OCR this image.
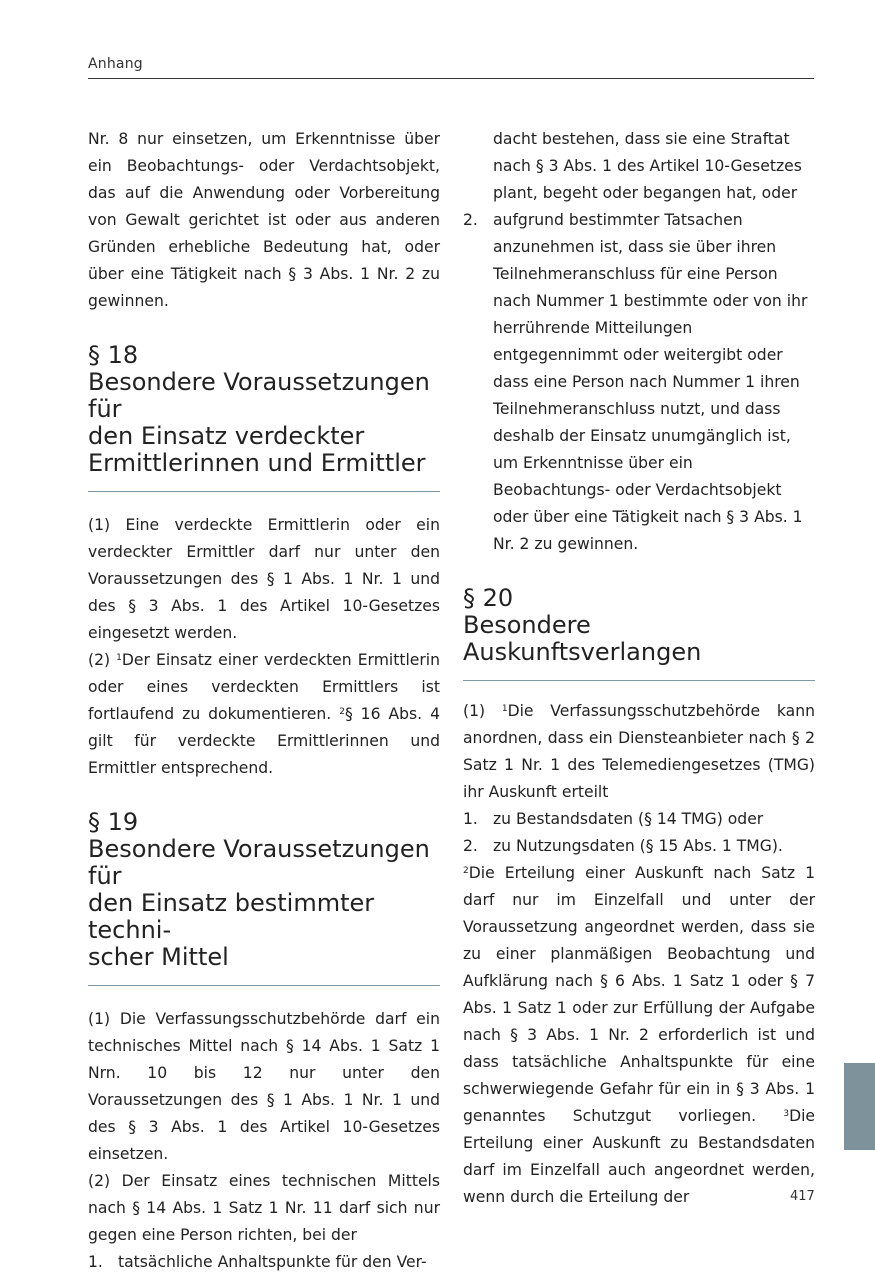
Anhang

Nr. 8 nur einsetzen, um Erkenntnisse über ein Beobachtungs- oder Verdachtsobjekt, das auf die Anwendung oder Vorbereitung von Gewalt gerichtet ist oder aus anderen Gründen erhebliche Bedeutung hat, oder über eine Tätigkeit nach § 3 Abs. 1 Nr. 2 zu gewinnen.

§ 18

Besondere Voraussetzungen für

den Einsatz verdeckter

Ermittlerinnen und Ermittler

(1) Eine verdeckte Ermittlerin oder ein verdeckter Ermittler darf nur unter den Voraussetzungen des § 1 Abs. 1 Nr. 1 und des § 3 Abs. 1 des Artikel 10-Gesetzes eingesetzt werden.

(2) $^1$Der Einsatz einer verdeckten Ermittlerin oder eines verdeckten Ermittlers ist fortlaufend zu dokumentieren. $^2$§ 16 Abs. 4 gilt für verdeckte Ermittlerinnen und Ermittler entsprechend.

§ 19

Besondere Voraussetzungen für

den Einsatz bestimmter techni-

scher Mittel

(1) Die Verfassungsschutzbehörde darf ein technisches Mittel nach § 14 Abs. 1 Satz 1 Nrn. 10 bis 12 nur unter den Voraussetzungen des § 1 Abs. 1 Nr. 1 und des § 3 Abs. 1 des Artikel 10-Gesetzes einsetzen.

(2) Der Einsatz eines technischen Mittels nach § 14 Abs. 1 Satz 1 Nr. 11 darf sich nur gegen eine Person richten, bei der

1. tatsächliche Anhaltspunkte für den Ver-

dacht bestehen, dass sie eine Straftat

nach § 3 Abs. 1 des Artikel 10-Gesetzes

plant, begeht oder begangen hat, oder

2. aufgrund bestimmter Tatsachen anzunehmen ist, dass sie über ihren Teilnehmeranschluss für eine Person nach Nummer 1 bestimmte oder von ihr herrührende Mitteilungen entgegennimmt oder weitergibt oder dass eine Person nach Nummer 1 ihren Teilnehmeranschluss nutzt, und dass deshalb der Einsatz unumgänglich ist, um Erkenntnisse über ein Beobachtungs- oder Verdachtsobjekt oder über eine Tätigkeit nach § 3 Abs. 1 Nr. 2 zu gewinnen.

§ 20

Besondere Auskunftsverlangen

(1) $^1$Die Verfassungsschutzbehörde kann anordnen, dass ein Diensteanbieter nach § 2 Satz 1 Nr. 1 des Telemediengesetzes (TMG) ihr Auskunft erteilt

1. zu Bestandsdaten (§ 14 TMG) oder
2. zu Nutzungsdaten (§ 15 Abs. 1 TMG).

$^2$Die Erteilung einer Auskunft nach Satz 1 darf nur im Einzelfall und unter der Voraussetzung angeordnet werden, dass sie zu einer planmäßigen Beobachtung und Aufklärung nach § 6 Abs. 1 Satz 1 oder § 7 Abs. 1 Satz 1 oder zur Erfüllung der Aufgabe nach § 3 Abs. 1 Nr. 2 erforderlich ist und dass tatsächliche Anhaltspunkte für eine schwerwiegende Gefahr für ein in § 3 Abs. 1 genanntes Schutzgut vorliegen. $^3$Die Erteilung einer Auskunft zu Bestandsdaten darf im Einzelfall auch angeordnet werden, wenn durch die Erteilung der	417
